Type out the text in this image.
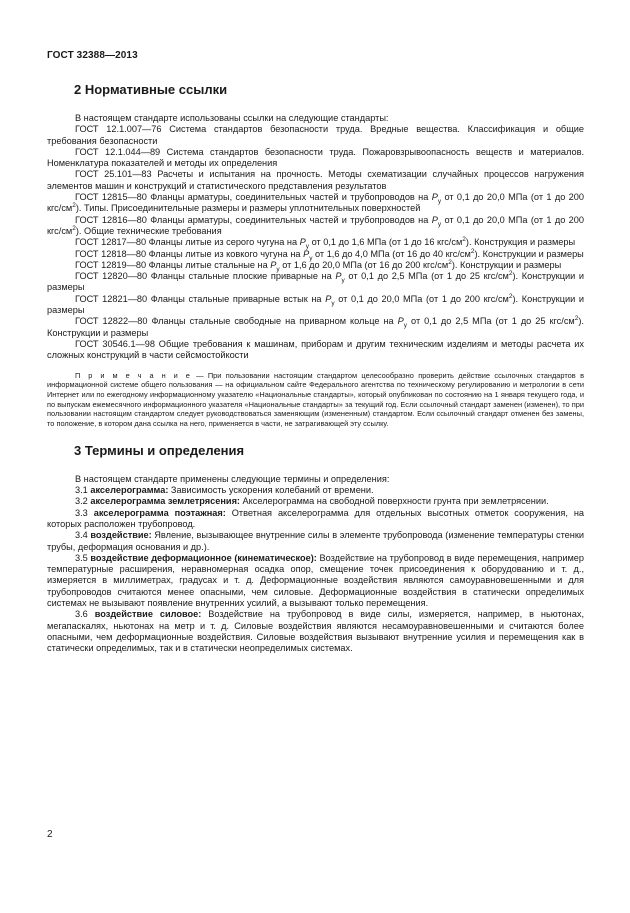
ГОСТ 32388—2013
2 Нормативные ссылки

В настоящем стандарте использованы ссылки на следующие стандарты:

ГОСТ 12.1.007—76 Система стандартов безопасности труда. Вредные вещества. Классификация и общие требования безопасности

ГОСТ 12.1.044—89 Система стандартов безопасности труда. Пожаровзрывоопасность веществ и материалов. Номенклатура показателей и методы их определения

ГОСТ 25.101—83 Расчеты и испытания на прочность. Методы схематизации случайных процессов нагружения элементов машин и конструкций и статистического представления результатов

ГОСТ 12815—80 Фланцы арматуры, соединительных частей и трубопроводов на $P_y$ от 0,1 до 20,0 МПа (от 1 до 200 кгс/$см^2$). Типы. Присоединительные размеры и размеры уплотнительных поверхностей

ГОСТ 12816—80 Фланцы арматуры, соединительных частей и трубопроводов на $P_y$ от 0,1 до 20,0 МПа (от 1 до 200 кгс/$см^2$). Общие технические требования

ГОСТ 12817—80 Фланцы литые из серого чугуна на $P_y$ от 0,1 до 1,6 МПа (от 1 до 16 кгс/$см^2$). Конструкция и размеры

ГОСТ 12818—80 Фланцы литые из ковкого чугуна на $P_y$ от 1,6 до 4,0 МПа (от 16 до 40 кгс/$см^2$). Конструкции и размеры

ГОСТ 12819—80 Фланцы литые стальные на $P_y$ от 1,6 до 20,0 МПа (от 16 до 200 кгс/$см^2$). Конструкции и размеры

ГОСТ 12820—80 Фланцы стальные плоские приварные на $P_y$ от 0,1 до 2,5 МПа (от 1 до 25 кгс/$см^2$). Конструкции и размеры

ГОСТ 12821—80 Фланцы стальные приварные встык на $P_y$ от 0,1 до 20,0 МПа (от 1 до 200 кгс/$см^2$). Конструкции и размеры

ГОСТ 12822—80 Фланцы стальные свободные на приварном кольце на $P_y$ от 0,1 до 2,5 МПа (от 1 до 25 кгс/$см^2$). Конструкции и размеры

ГОСТ 30546.1—98 Общие требования к машинам, приборам и другим техническим изделиям и методы расчета их сложных конструкций в части сейсмостойкости

П р и м е ч а н и е — При пользовании настоящим стандартом целесообразно проверить действие ссылочных стандартов в информационной системе общего пользования — на официальном сайте Федерального агентства по техническому регулированию и метрологии в сети Интернет или по ежегодному информационному указателю «Национальные стандарты», который опубликован по состоянию на 1 января текущего года, и по выпускам ежемесячного информационного указателя «Национальные стандарты» за текущий год. Если ссылочный стандарт заменен (изменен), то при пользовании настоящим стандартом следует руководствоваться заменяющим (измененным) стандартом. Если ссылочный стандарт отменен без замены, то положение, в котором дана ссылка на него, применяется в части, не затрагивающей эту ссылку.
3 Термины и определения

В настоящем стандарте применены следующие термины и определения:

3.1 акселерограмма: Зависимость ускорения колебаний от времени.

3.2 акселерограмма землетрясения: Акселерограмма на свободной поверхности грунта при землетрясении.

3.3 акселерограмма поэтажная: Ответная акселерограмма для отдельных высотных отметок сооружения, на которых расположен трубопровод.

3.4 воздействие: Явление, вызывающее внутренние силы в элементе трубопровода (изменение температуры стенки трубы, деформация основания и др.).

3.5 воздействие деформационное (кинематическое): Воздействие на трубопровод в виде перемещения, например температурные расширения, неравномерная осадка опор, смещение точек присоединения к оборудованию и т. д., измеряется в миллиметрах, градусах и т. д. Деформационные воздействия являются самоуравновешенными и для трубопроводов считаются менее опасными, чем силовые. Деформационные воздействия в статически определимых системах не вызывают появление внутренних усилий, а вызывают только перемещения.

3.6 воздействие силовое: Воздействие на трубопровод в виде силы, измеряется, например, в ньютонах, мегапаскалях, ньютонах на метр и т. д. Силовые воздействия являются несамоуравновешенными и считаются более опасными, чем деформационные воздействия. Силовые воздействия вызывают внутренние усилия и перемещения как в статически определимых, так и в статически неопределимых системах.

2
